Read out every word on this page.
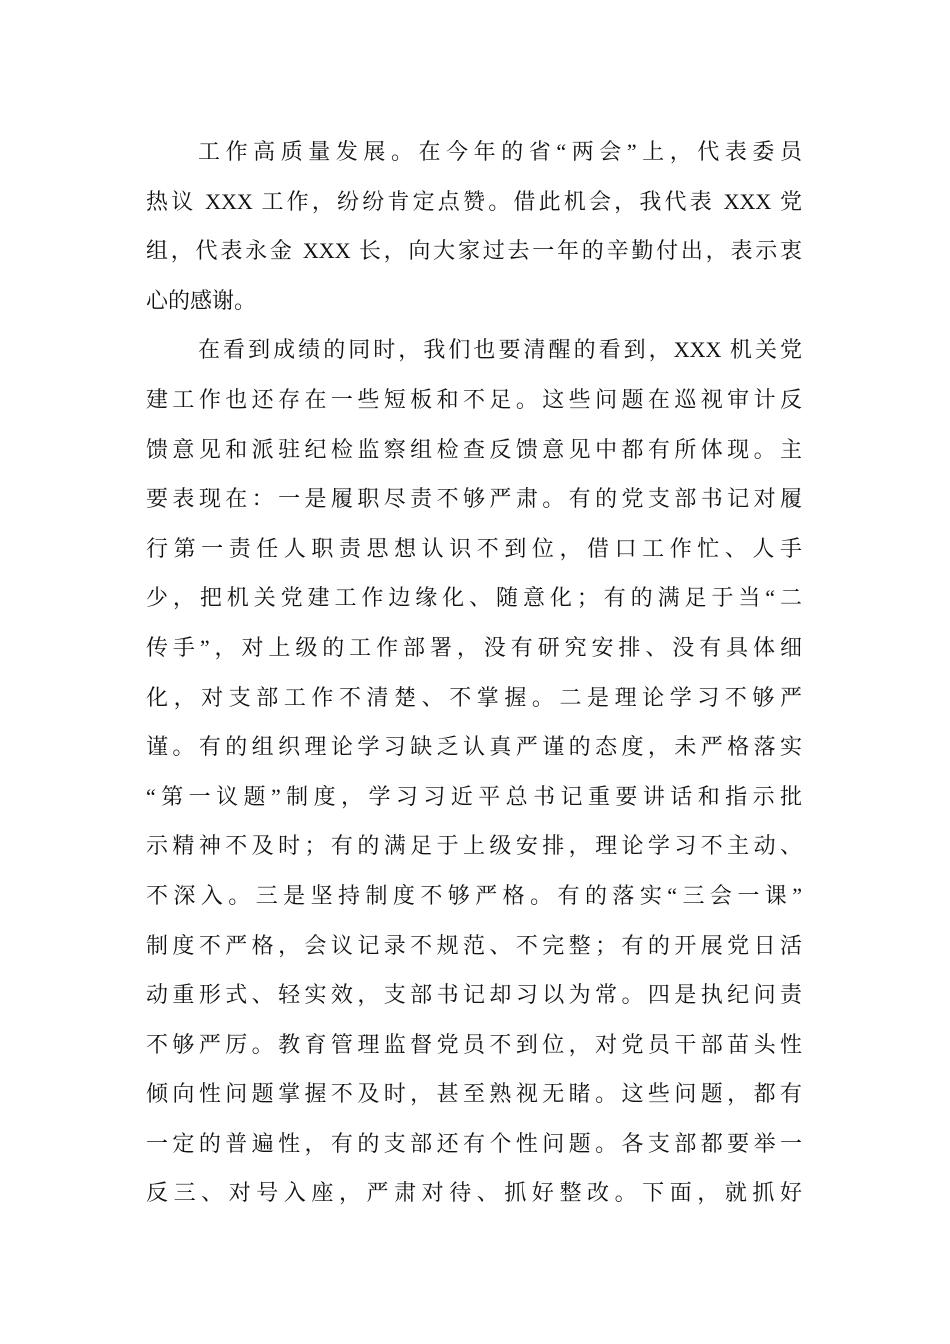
工作高质量发展。在今年的省“两会”上，代表委员
热议 XXX 工作，纷纷肯定点赞。借此机会，我代表 XXX 党
组，代表永金 XXX 长，向大家过去一年的辛勤付出，表示衷
心的感谢。
在看到成绩的同时，我们也要清醒的看到，XXX 机关党
建工作也还存在一些短板和不足。这些问题在巡视审计反
馈意见和派驻纪检监察组检查反馈意见中都有所体现。主
要表现在：一是履职尽责不够严肃。有的党支部书记对履
行第一责任人职责思想认识不到位，借口工作忙、人手
少，把机关党建工作边缘化、随意化；有的满足于当“二
传手”，对上级的工作部署，没有研究安排、没有具体细
化，对支部工作不清楚、不掌握。二是理论学习不够严
谨。有的组织理论学习缺乏认真严谨的态度，未严格落实
“第一议题”制度，学习习近平总书记重要讲话和指示批
示精神不及时；有的满足于上级安排，理论学习不主动、
不深入。三是坚持制度不够严格。有的落实“三会一课”
制度不严格，会议记录不规范、不完整；有的开展党日活
动重形式、轻实效，支部书记却习以为常。四是执纪问责
不够严厉。教育管理监督党员不到位，对党员干部苗头性
倾向性问题掌握不及时，甚至熟视无睹。这些问题，都有
一定的普遍性，有的支部还有个性问题。各支部都要举一
反三、对号入座，严肃对待、抓好整改。下面，就抓好
